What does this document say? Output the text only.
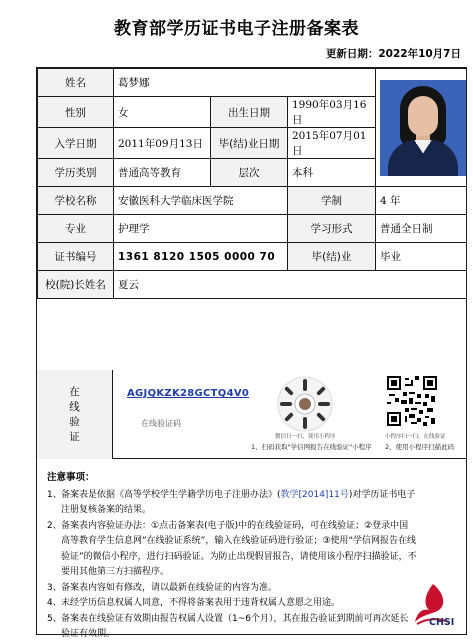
教育部学历证书电子注册备案表
更新日期：2022年10月7日
姓名	葛梦娜			

性别	女	出生日期	1990年03月16日	
入学日期	2011年09月13日	毕(结)业日期	2015年07月01日	
学历类别	普通高等教育	层次	本科	
学校名称	安徽医科大学临床医学院		学制	4 年
专业	护理学		学习形式	普通全日制
证书编号	1361 8120 1505 0000 70		毕(结)业	毕业
校(院)长姓名	夏云			
在线验证
AGJQKZK28GCTQ4V0
在线验证码
微信扫一扫，使用小程序
1、扫码获取"学信网报告在线验证"小程序
小程序扫一扫，在线验证
2、使用小程序扫描此码
注意事项：
1、 备案表是依据《高等学校学生学籍学历电子注册办法》(教学[2014]11号)对学历证书电子注册复核备案的结果。
2、 备案表内容验证办法：①点击备案表(电子版)中的在线验证码，可在线验证；②登录中国高等教育学生信息网“在线验证系统”，输入在线验证码进行验证；③使用“学信网报告在线验证”的微信小程序，进行扫码验证。为防止出现假冒报告，请使用该小程序扫描验证，不要用其他第三方扫描程序。
3、 备案表内容如有修改，请以最新在线验证的内容为准。
4、 未经学历信息权属人同意，不得将备案表用于违背权属人意愿之用途。
5、 备案表在线验证有效期由报告权属人设置（1~6个月），其在报告验证到期前可再次延长验证有效期。
CHSI
